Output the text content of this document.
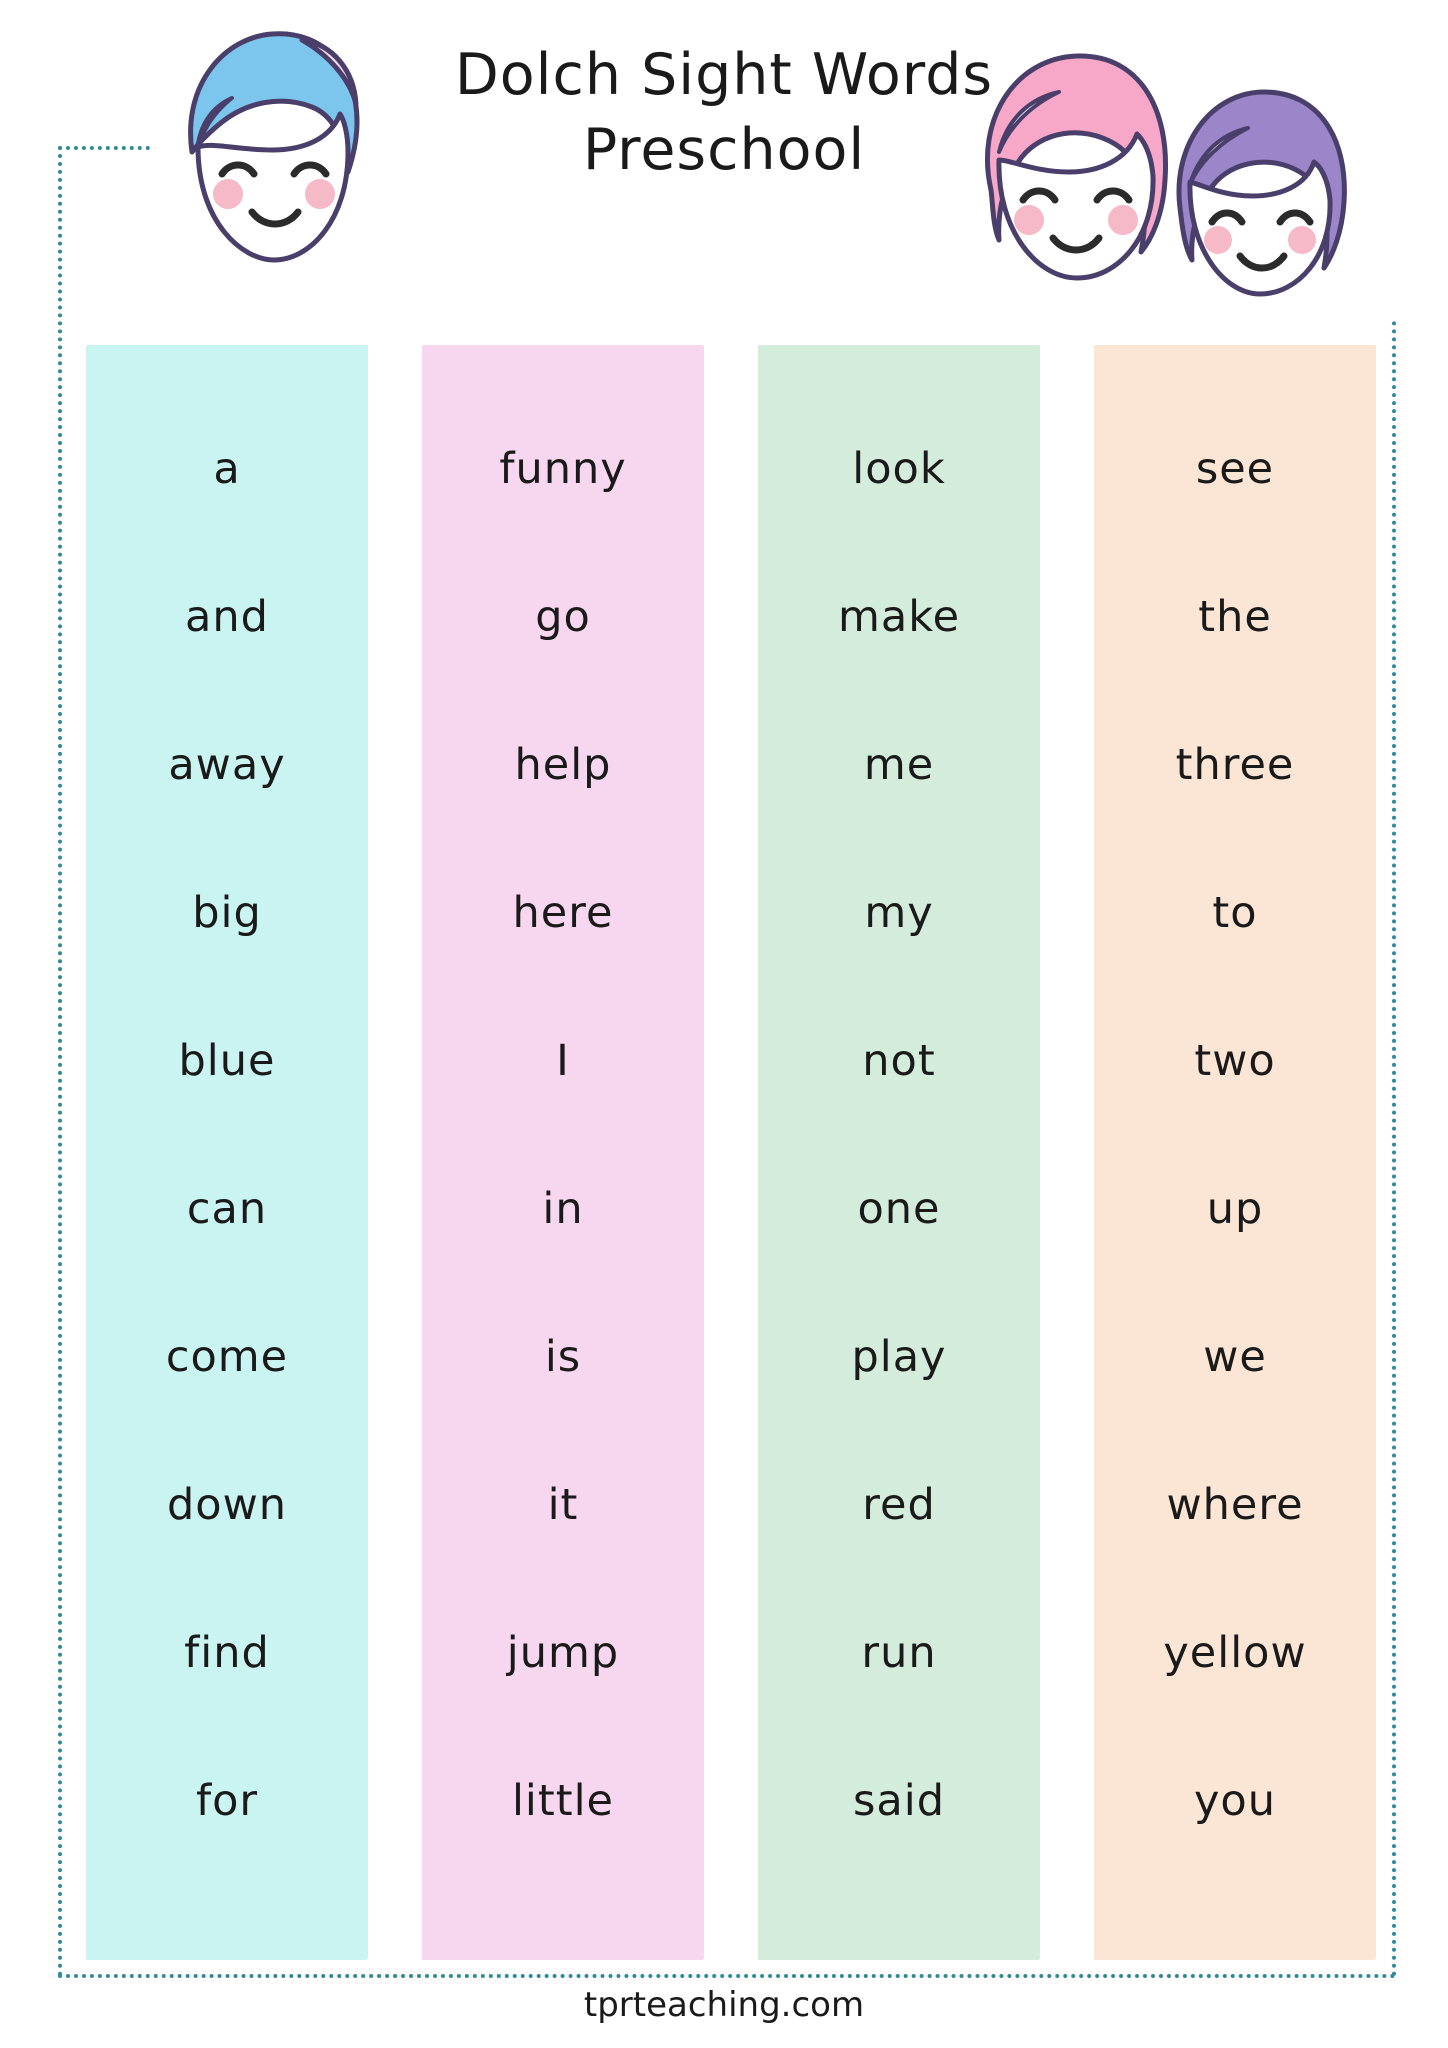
Dolch Sight Words
Preschool
a
and
away
big
blue
can
come
down
find
for
funny
go
help
here
I
in
is
it
jump
little
look
make
me
my
not
one
play
red
run
said
see
the
three
to
two
up
we
where
yellow
you
tprteaching.com
